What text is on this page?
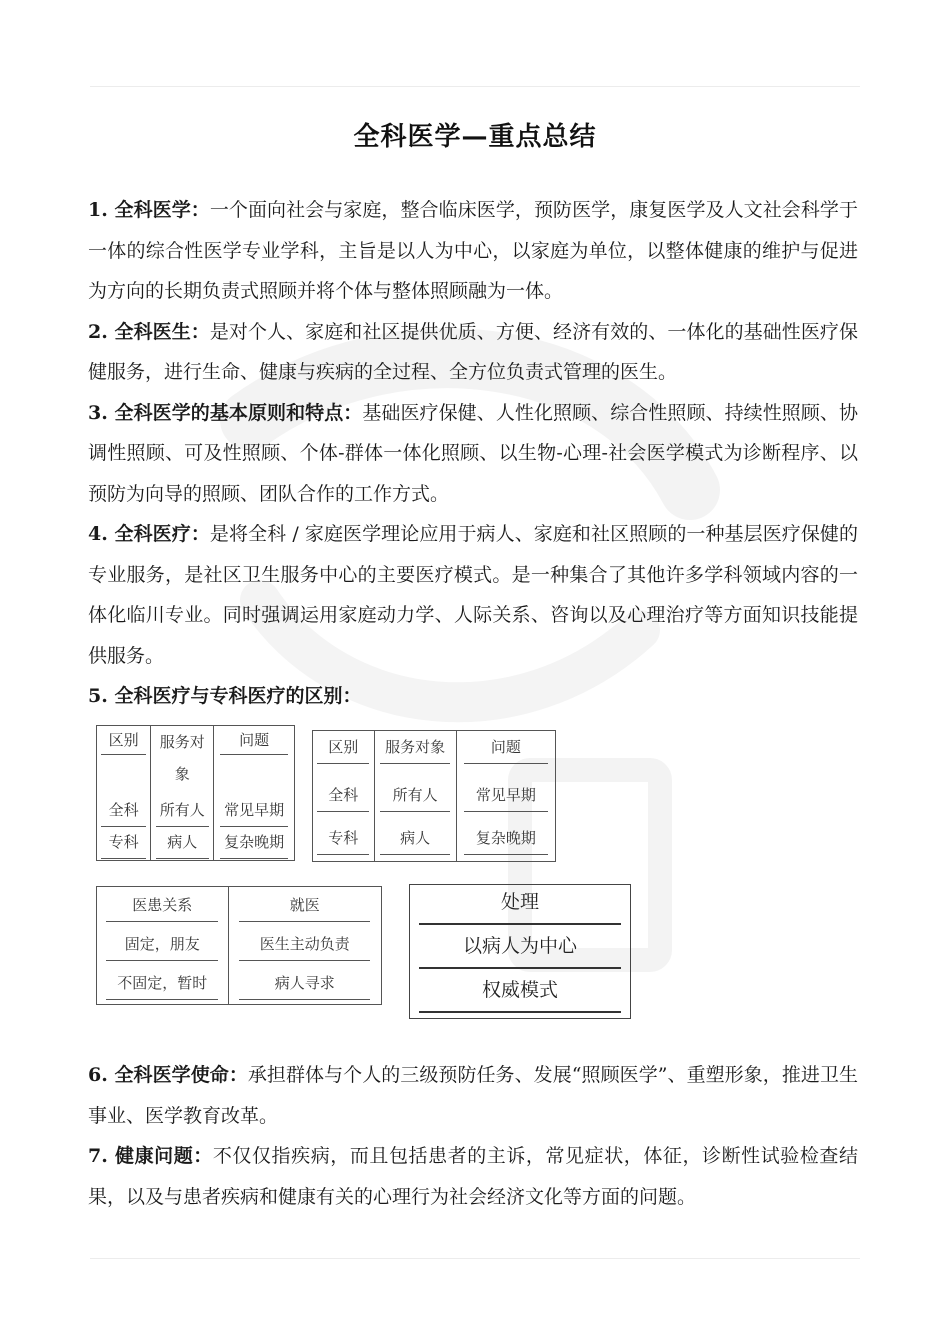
全科医学—重点总结

1. 全科医学：一个面向社会与家庭，整合临床医学，预防医学，康复医学及人文社会科学于一体的综合性医学专业学科，主旨是以人为中心，以家庭为单位，以整体健康的维护与促进为方向的长期负责式照顾并将个体与整体照顾融为一体。

2. 全科医生：是对个人、家庭和社区提供优质、方便、经济有效的、一体化的基础性医疗保健服务，进行生命、健康与疾病的全过程、全方位负责式管理的医生。

3. 全科医学的基本原则和特点：基础医疗保健、人性化照顾、综合性照顾、持续性照顾、协调性照顾、可及性照顾、个体-群体一体化照顾、以生物-心理-社会医学模式为诊断程序、以预防为向导的照顾、团队合作的工作方式。

4. 全科医疗：是将全科 / 家庭医学理论应用于病人、家庭和社区照顾的一种基层医疗保健的专业服务，是社区卫生服务中心的主要医疗模式。是一种集合了其他许多学科领域内容的一体化临川专业。同时强调运用家庭动力学、人际关系、咨询以及心理治疗等方面知识技能提供服务。

5. 全科医疗与专科医疗的区别：

区别	服务对象	问题
全科	所有人	常见早期
专科	病人	复杂晚期
区别	服务对象	问题
全科	所有人	常见早期
专科	病人	复杂晚期
医患关系	就医
固定，朋友	医生主动负责
不固定，暂时	病人寻求
处理
以病人为中心
权威模式

6. 全科医学使命：承担群体与个人的三级预防任务、发展“照顾医学”、重塑形象，推进卫生事业、医学教育改革。

7. 健康问题：不仅仅指疾病，而且包括患者的主诉，常见症状，体征，诊断性试验检查结果，以及与患者疾病和健康有关的心理行为社会经济文化等方面的问题。
